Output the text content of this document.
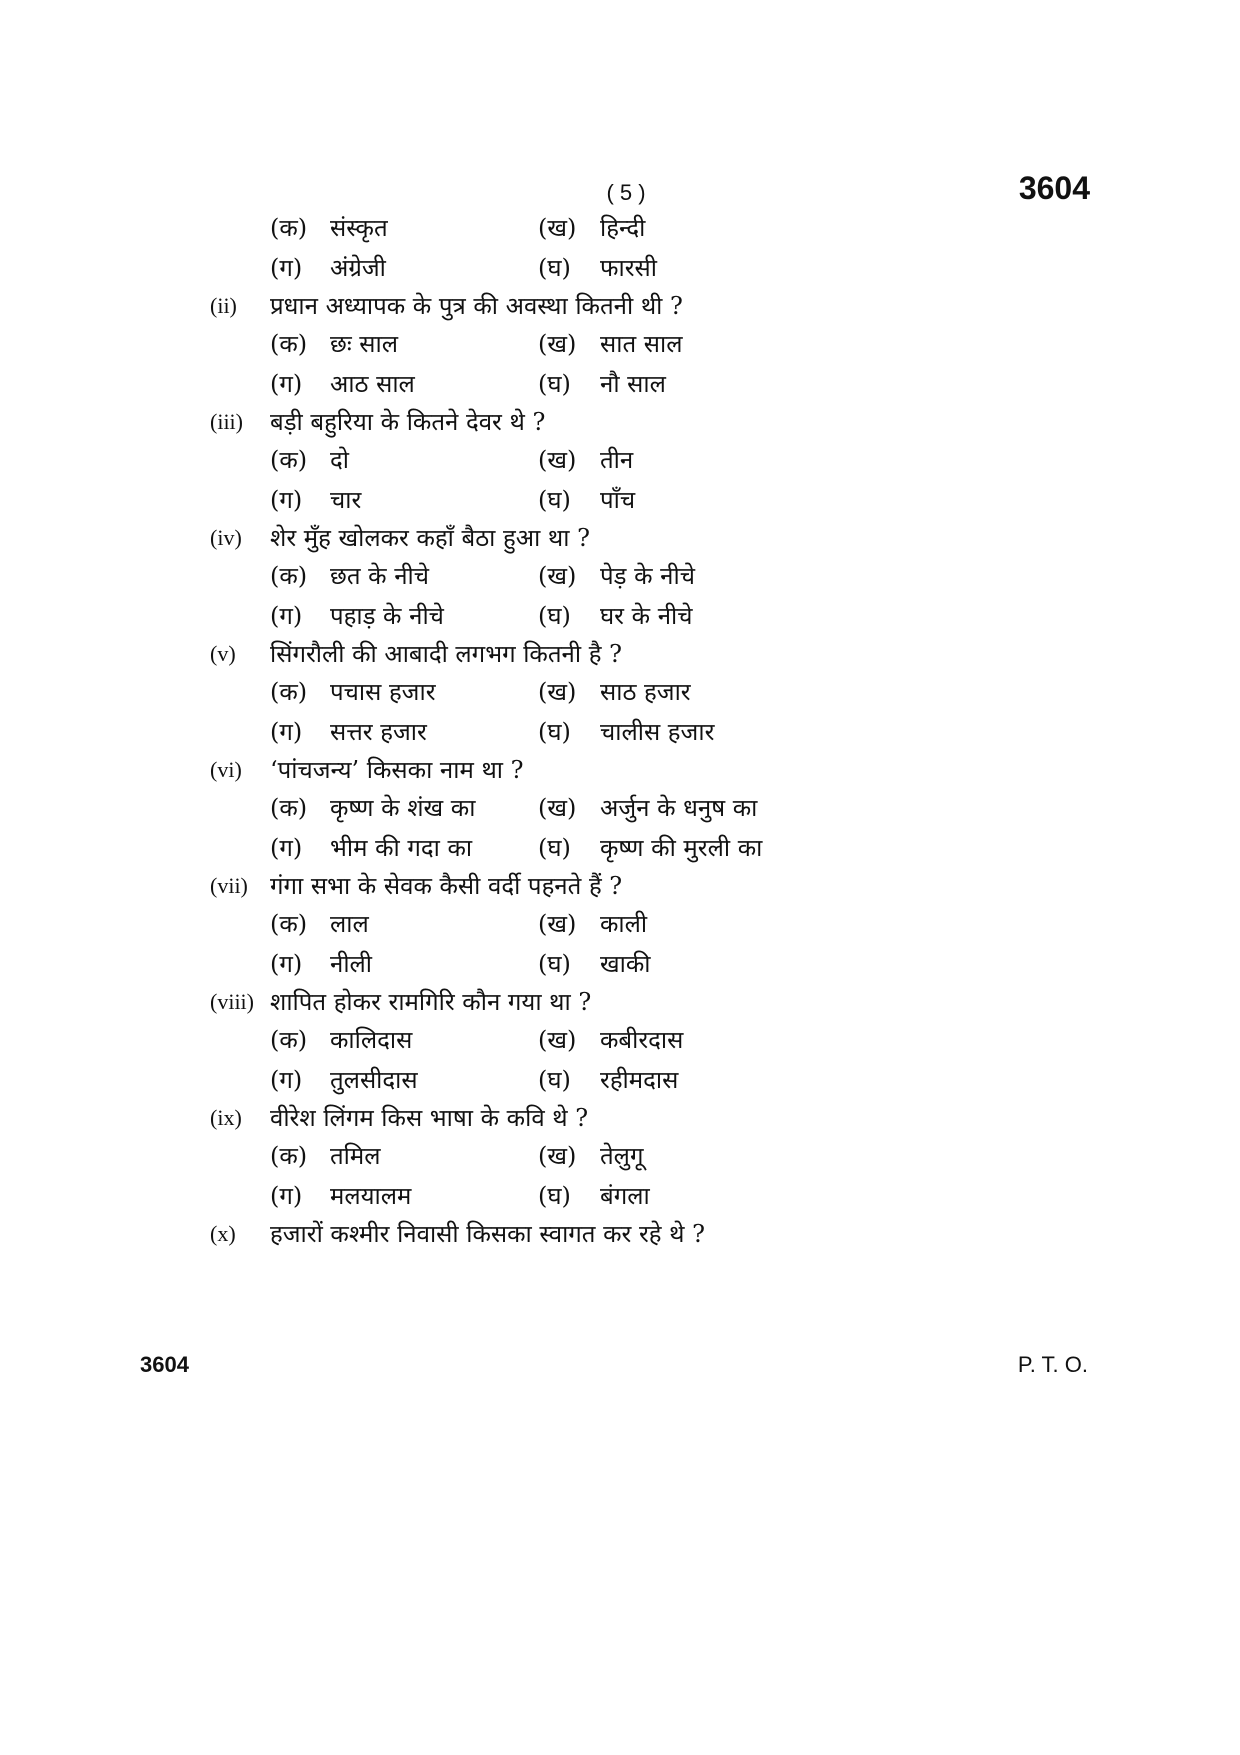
( 5 )	3604
(क) संस्कृत	(ख) हिन्दी
(ग) अंग्रेजी	(घ) फारसी
(ii) प्रधान अध्यापक के पुत्र की अवस्था कितनी थी ?
(क) छः साल	(ख) सात साल
(ग) आठ साल	(घ) नौ साल
(iii) बड़ी बहुरिया के कितने देवर थे ?
(क) दो	(ख) तीन
(ग) चार	(घ) पाँच
(iv) शेर मुँह खोलकर कहाँ बैठा हुआ था ?
(क) छत के नीचे	(ख) पेड़ के नीचे
(ग) पहाड़ के नीचे	(घ) घर के नीचे
(v) सिंगरौली की आबादी लगभग कितनी है ?
(क) पचास हजार	(ख) साठ हजार
(ग) सत्तर हजार	(घ) चालीस हजार
(vi) ‘पांचजन्य’ किसका नाम था ?
(क) कृष्ण के शंख का	(ख) अर्जुन के धनुष का
(ग) भीम की गदा का	(घ) कृष्ण की मुरली का
(vii) गंगा सभा के सेवक कैसी वर्दी पहनते हैं ?
(क) लाल	(ख) काली
(ग) नीली	(घ) खाकी
(viii) शापित होकर रामगिरि कौन गया था ?
(क) कालिदास	(ख) कबीरदास
(ग) तुलसीदास	(घ) रहीमदास
(ix) वीरेश लिंगम किस भाषा के कवि थे ?
(क) तमिल	(ख) तेलुगू
(ग) मलयालम	(घ) बंगला
(x) हजारों कश्मीर निवासी किसका स्वागत कर रहे थे ?
3604	P. T. O.
